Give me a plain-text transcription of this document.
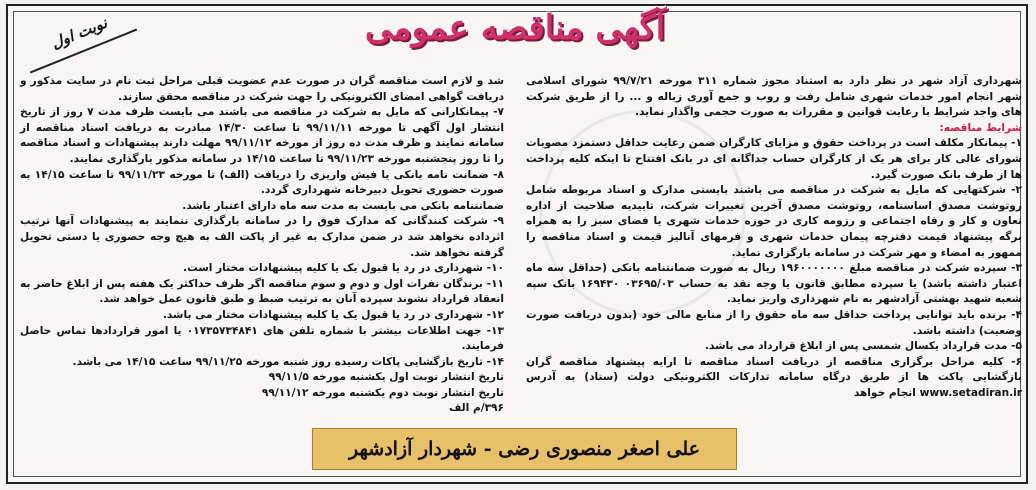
آگهی مناقصه عمومی
نوبت اول

شهرداری آزاد شهر در نظر دارد به استناد مجوز شماره ۳۱۱ مورخه ۹۹/۷/۲۱ شورای اسلامی شهر انجام امور خدمات شهری شامل رفت و روب و جمع آوری زباله و ... را از طریق شرکت های واجد شرایط با رعایت قوانین و مقررات به صورت حجمی واگذار نماید.

شرایط مناقصه:

۱- پیمانکار مکلف است در پرداخت حقوق و مزایای کارگران ضمن رعایت حداقل دستمزد مصوبات شورای عالی کار برای هر یک از کارگران حساب جداگانه ای در بانک افتتاح تا اینکه کلیه پرداخت ها از طرف بانک صورت گیرد.

۲- شرکتهایی که مایل به شرکت در مناقصه می باشند بایستی مدارک و اسناد مربوطه شامل روتوشت مصدق اساسنامه، روتوشت مصدق آخرین تغییرات شرکت، تاییدیه صلاحیت از اداره تعاون و کار و رفاه اجتماعی و رزومه کاری در حوزه خدمات شهری یا فضای سبز را به همراه برگه پیشنهاد قیمت دفترچه پیمان خدمات شهری و فرمهای آنالیز قیمت و اسناد مناقصه را ممهور به امضاء و مهر شرکت در سامانه بارگزاری نماید.

۳- سپرده شرکت در مناقصه مبلغ ۱۹۶۰۰۰۰۰۰۰ ریال به صورت ضمانتنامه بانکی (حداقل سه ماه اعتبار داشته باشد) یا سپرده مطابق قانون یا وجه نقد به حساب ۰۳۶۹۵/۰۳ ۱۶۹۴۳۰ بانک سپه شعبه شهید بهشتی آزادشهر به نام شهرداری واریز نماید.

۴- برنده باید توانایی پرداخت حداقل سه ماه حقوق را از منابع مالی خود (بدون دریافت صورت وضعیت) داشته باشد.

۵- مدت قرارداد یکسال شمسی پس از ابلاغ قرارداد می باشد.

۶- کلیه مراحل برگزاری مناقصه از دریافت اسناد مناقصه تا ارایه پیشنهاد مناقصه گران بازگشایی پاکت ها از طریق درگاه سامانه تدارکات الکترونیکی دولت (ستاد) به آدرس www.setadiran.ir انجام خواهد

شد و لازم است مناقصه گران در صورت عدم عضویت قبلی مراحل ثبت نام در سایت مذکور و دریافت گواهی امضای الکترونیکی را جهت شرکت در مناقصه محقق سازند.

۷- پیمانکارانی که مایل به شرکت در مناقصه می باشند می بایست ظرف مدت ۷ روز از تاریخ انتشار اول آگهی تا مورخه ۹۹/۱۱/۱۱ تا ساعت ۱۴/۳۰ مبادرت به دریافت اسناد مناقصه از سامانه نمایند و ظرف مدت ده روز از مورخه ۹۹/۱۱/۱۲ مهلت دارند پیشنهادات و اسناد مناقصه را تا روز پنجشنبه مورخه ۹۹/۱۱/۲۳ تا ساعت ۱۴/۱۵ در سامانه مذکور بارگذاری نمایند.

۸- ضمانت نامه بانکی یا فیش واریزی را دریافت (الف) تا مورخه ۹۹/۱۱/۲۳ تا ساعت ۱۴/۱۵ به صورت حضوری تحویل دبیرخانه شهرداری گردد.

ضمانتنامه بانکی می بایست به مدت سه ماه دارای اعتبار باشد.

۹- شرکت کنندگانی که مدارک فوق را در سامانه بارگذاری ننمایند به پیشنهادات آنها ترتیب اثرداده نخواهد شد در ضمن مدارک به غیر از پاکت الف به هیچ وجه حضوری یا دستی تحویل گرفته نخواهد شد.

۱۰- شهرداری در رد یا قبول یک یا کلیه پیشنهادات مختار است.

۱۱- برندگان نفرات اول و دوم و سوم مناقصه اگر ظرف حداکثر یک هفته پس از ابلاغ حاضر به انعقاد قرارداد نشوند سپرده آنان به ترتیب ضبط و طبق قانون عمل خواهد شد.

۱۲- شهرداری در رد یا قبول یک یا کلیه پیشنهادات مختار می باشد.

۱۳- جهت اطلاعات بیشتر با شماره تلفن های ۰۱۷۳۵۷۳۴۸۴۱ یا امور قراردادها تماس حاصل فرمایند.

۱۴- تاریخ بازگشایی پاکات رسیده روز شنبه مورخه ۹۹/۱۱/۲۵ ساعت ۱۴/۱۵ می باشد.

تاریخ انتشار نوبت اول یکشنبه مورخه ۹۹/۱۱/۵

تاریخ انتشار نوبت دوم یکشنبه مورخه ۹۹/۱۱/۱۲

۳۹۶/م الف

علی اصغر منصوری رضی - شهردار آزادشهر
